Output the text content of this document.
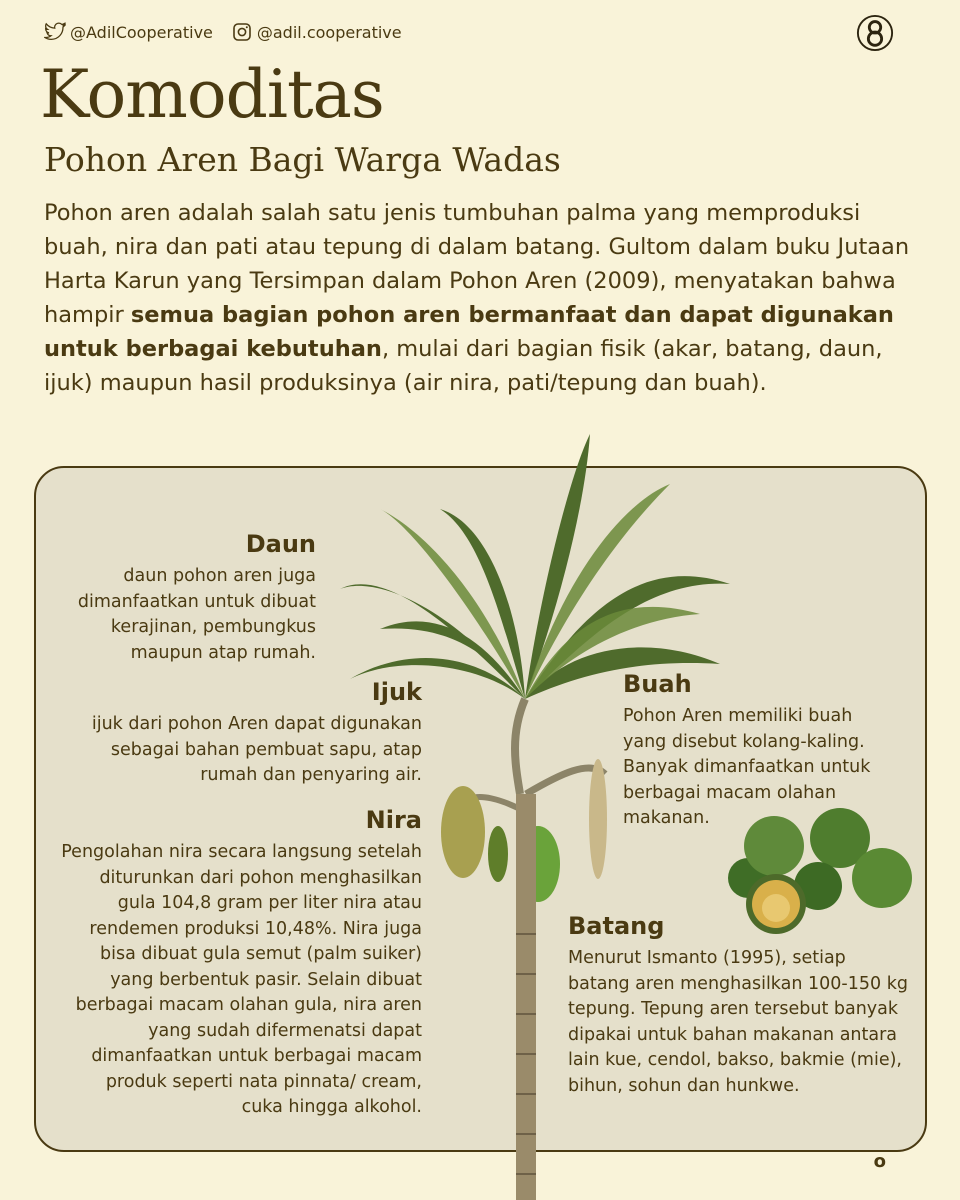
@AdilCooperative	@adil.cooperative
Komoditas
Pohon Aren Bagi Warga Wadas

Pohon aren adalah salah satu jenis tumbuhan palma yang memproduksi buah, nira dan pati atau tepung di dalam batang. Gultom dalam buku Jutaan Harta Karun yang Tersimpan dalam Pohon Aren (2009), menyatakan bahwa hampir semua bagian pohon aren bermanfaat dan dapat digunakan untuk berbagai kebutuhan, mulai dari bagian fisik (akar, batang, daun, ijuk) maupun hasil produksinya (air nira, pati/tepung dan buah).

Daun

daun pohon aren juga dimanfaatkan untuk dibuat kerajinan, pembungkus maupun atap rumah.

Ijuk

ijuk dari pohon Aren dapat digunakan sebagai bahan pembuat sapu, atap rumah dan penyaring air.

Nira

Pengolahan nira secara langsung setelah diturunkan dari pohon menghasilkan gula 104,8 gram per liter nira atau rendemen produksi 10,48%. Nira juga bisa dibuat gula semut (palm suiker) yang berbentuk pasir. Selain dibuat berbagai macam olahan gula, nira aren yang sudah difermenatsi dapat dimanfaatkan untuk berbagai macam produk seperti nata pinnata/ cream, cuka hingga alkohol.

Buah

Pohon Aren memiliki buah yang disebut kolang-kaling. Banyak dimanfaatkan untuk berbagai macam olahan makanan.

Batang

Menurut Ismanto (1995), setiap batang aren menghasilkan 100-150 kg tepung. Tepung aren tersebut banyak dipakai untuk bahan makanan antara lain kue, cendol, bakso, bakmie (mie), bihun, sohun dan hunkwe.

o
